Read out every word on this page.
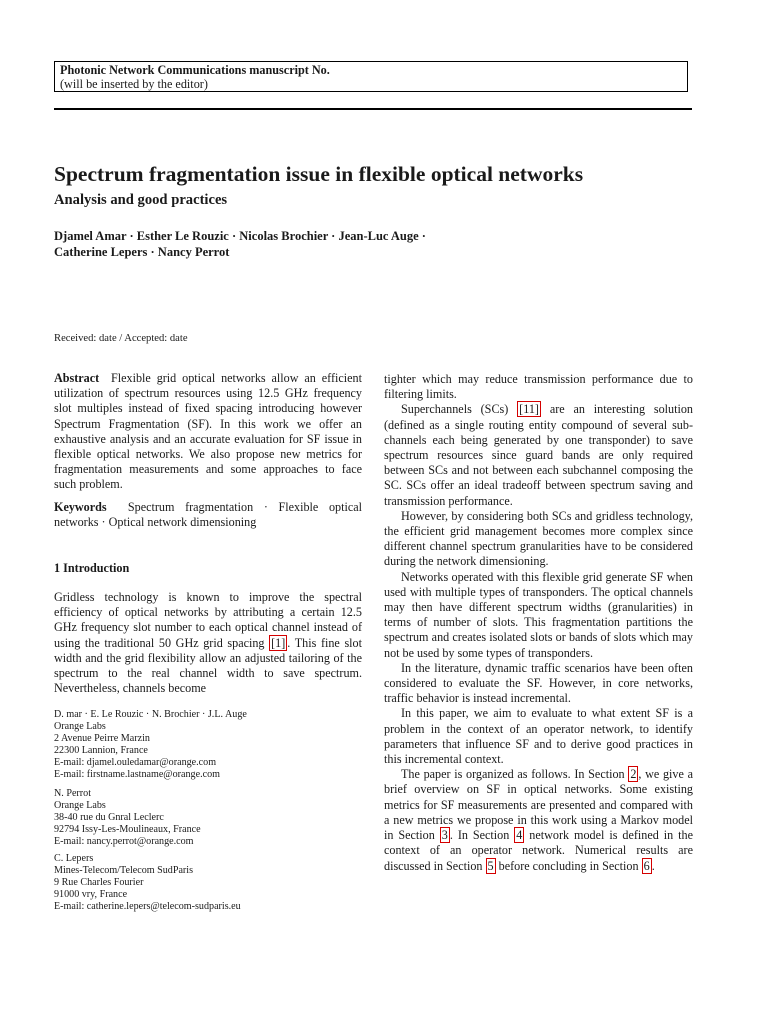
Photonic Network Communications manuscript No.
(will be inserted by the editor)
Spectrum fragmentation issue in flexible optical networks
Analysis and good practices
Djamel Amar · Esther Le Rouzic · Nicolas Brochier · Jean-Luc Auge ·
Catherine Lepers · Nancy Perrot
Received: date / Accepted: date

Abstract Flexible grid optical networks allow an efficient utilization of spectrum resources using 12.5 GHz frequency slot multiples instead of fixed spacing introducing however Spectrum Fragmentation (SF). In this work we offer an exhaustive analysis and an accurate evaluation for SF issue in flexible optical networks. We also propose new metrics for fragmentation measurements and some approaches to face such problem.

Keywords Spectrum fragmentation · Flexible optical networks · Optical network dimensioning

1 Introduction

Gridless technology is known to improve the spectral efficiency of optical networks by attributing a certain 12.5 GHz frequency slot number to each optical channel instead of using the traditional 50 GHz grid spacing [1] . This fine slot width and the grid flexibility allow an adjusted tailoring of the spectrum to the real channel width to save spectrum. Nevertheless, channels become

D. mar · E. Le Rouzic · N. Brochier · J.L. Auge
Orange Labs
2 Avenue Peirre Marzin
22300 Lannion, France
E-mail: djamel.ouledamar@orange.com
E-mail: firstname.lastname@orange.com
N. Perrot
Orange Labs
38-40 rue du Gnral Leclerc
92794 Issy-Les-Moulineaux, France
E-mail: nancy.perrot@orange.com
C. Lepers
Mines-Telecom/Telecom SudParis
9 Rue Charles Fourier
91000 vry, France
E-mail: catherine.lepers@telecom-sudparis.eu

tighter which may reduce transmission performance due to filtering limits.

Superchannels (SCs) [11] are an interesting solution (defined as a single routing entity compound of several sub-channels each being generated by one transponder) to save spectrum resources since guard bands are only required between SCs and not between each subchannel composing the SC. SCs offer an ideal tradeoff between spectrum saving and transmission performance.

However, by considering both SCs and gridless technology, the efficient grid management becomes more complex since different channel spectrum granularities have to be considered during the network dimensioning.

Networks operated with this flexible grid generate SF when used with multiple types of transponders. The optical channels may then have different spectrum widths (granularities) in terms of number of slots. This fragmentation partitions the spectrum and creates isolated slots or bands of slots which may not be used by some types of transponders.

In the literature, dynamic traffic scenarios have been often considered to evaluate the SF. However, in core networks, traffic behavior is instead incremental.

In this paper, we aim to evaluate to what extent SF is a problem in the context of an operator network, to identify parameters that influence SF and to derive good practices in this incremental context.

The paper is organized as follows. In Section 2 , we give a brief overview on SF in optical networks. Some existing metrics for SF measurements are presented and compared with a new metrics we propose in this work using a Markov model in Section 3 . In Section 4 network model is defined in the context of an operator network. Numerical results are discussed in Section 5 before concluding in Section 6 .
